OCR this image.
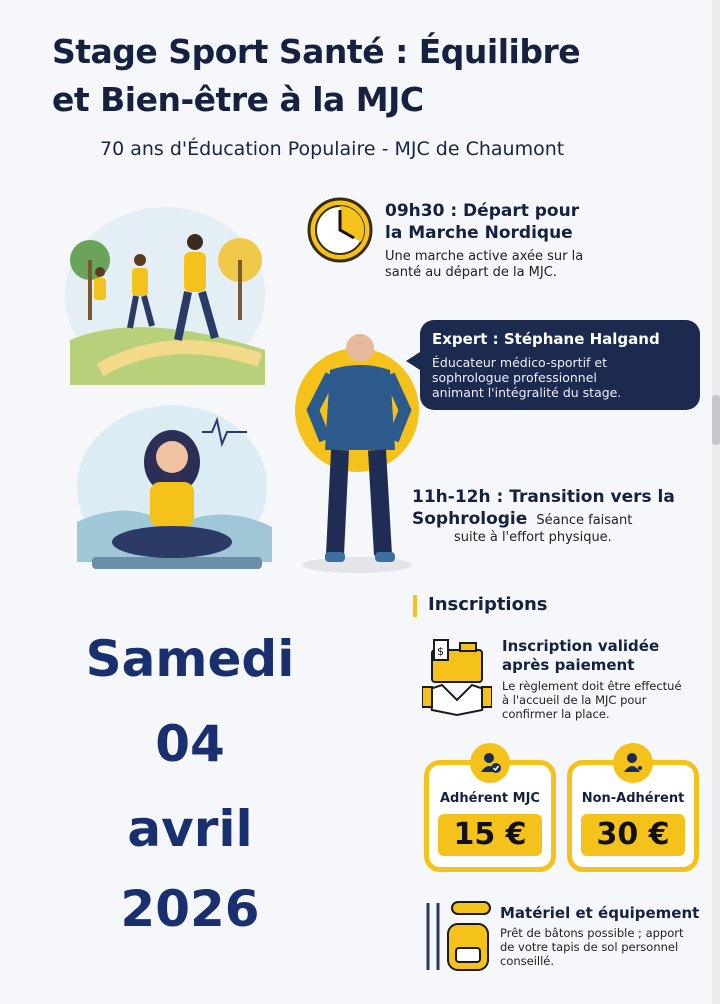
Stage Sport Santé : Équilibre
et Bien-être à la MJC
70 ans d'Éducation Populaire - MJC de Chaumont
09h30 : Départ pour
la Marche Nordique
Une marche active axée sur la
santé au départ de la MJC.
Expert : Stéphane Halgand
Éducateur médico-sportif et
sophrologue professionnel
animant l'intégralité du stage.
11h-12h : Transition vers la
Sophrologie Séance faisant
suite à l'effort physique.
Samedi
04
avril
2026
Inscriptions
$	Inscription validée
après paiement
Le règlement doit être effectué
à l'accueil de la MJC pour
confirmer la place.
Adhérent MJC
15 €
Non-Adhérent
30 €
Matériel et équipement
Prêt de bâtons possible ; apport
de votre tapis de sol personnel
conseillé.
